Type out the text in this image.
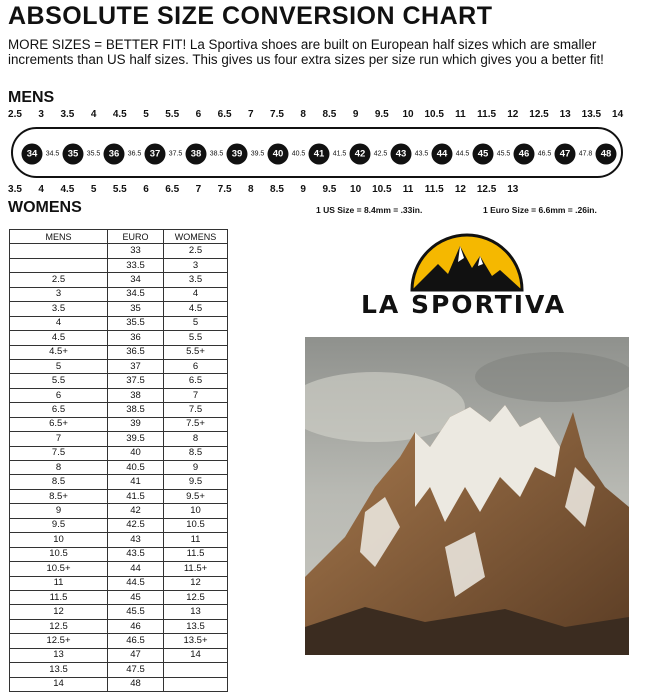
ABSOLUTE SIZE CONVERSION CHART
MORE SIZES = BETTER FIT! La Sportiva shoes are built on European half sizes which are smaller increments than US half sizes. This gives us four extra sizes per size run which gives you a better fit!
MENS
2.5 3 3.5 4 4.5 5 5.5 6 6.5 7 7.5 8 8.5 9 9.5 10 10.5 11 11.5 12 12.5 13 13.5 14
34	34.5 35	35.5 36	36.5 37	37.5 38	38.5 39	39.5 40	40.5 41	41.5 42	42.5 43	43.5 44	44.5 45	45.5 46	46.5 47	47.8 48
3.5 4 4.5 5 5.5 6 6.5 7 7.5 8 8.5 9 9.5 10 10.5 11 11.5 12 12.5 13
WOMENS	1 US Size = 8.4mm = .33in.	1 Euro Size = 6.6mm = .26in.
MENS	EURO	WOMENS
	33	2.5
	33.5	3
2.5	34	3.5
3	34.5	4
3.5	35	4.5
4	35.5	5
4.5	36	5.5
4.5+	36.5	5.5+
5	37	6
5.5	37.5	6.5
6	38	7
6.5	38.5	7.5
6.5+	39	7.5+
7	39.5	8
7.5	40	8.5
8	40.5	9
8.5	41	9.5
8.5+	41.5	9.5+
9	42	10
9.5	42.5	10.5
10	43	11
10.5	43.5	11.5
10.5+	44	11.5+
11	44.5	12
11.5	45	12.5
12	45.5	13
12.5	46	13.5
12.5+	46.5	13.5+
13	47	14
13.5	47.5	
14	48	
LA SPORTIVA
